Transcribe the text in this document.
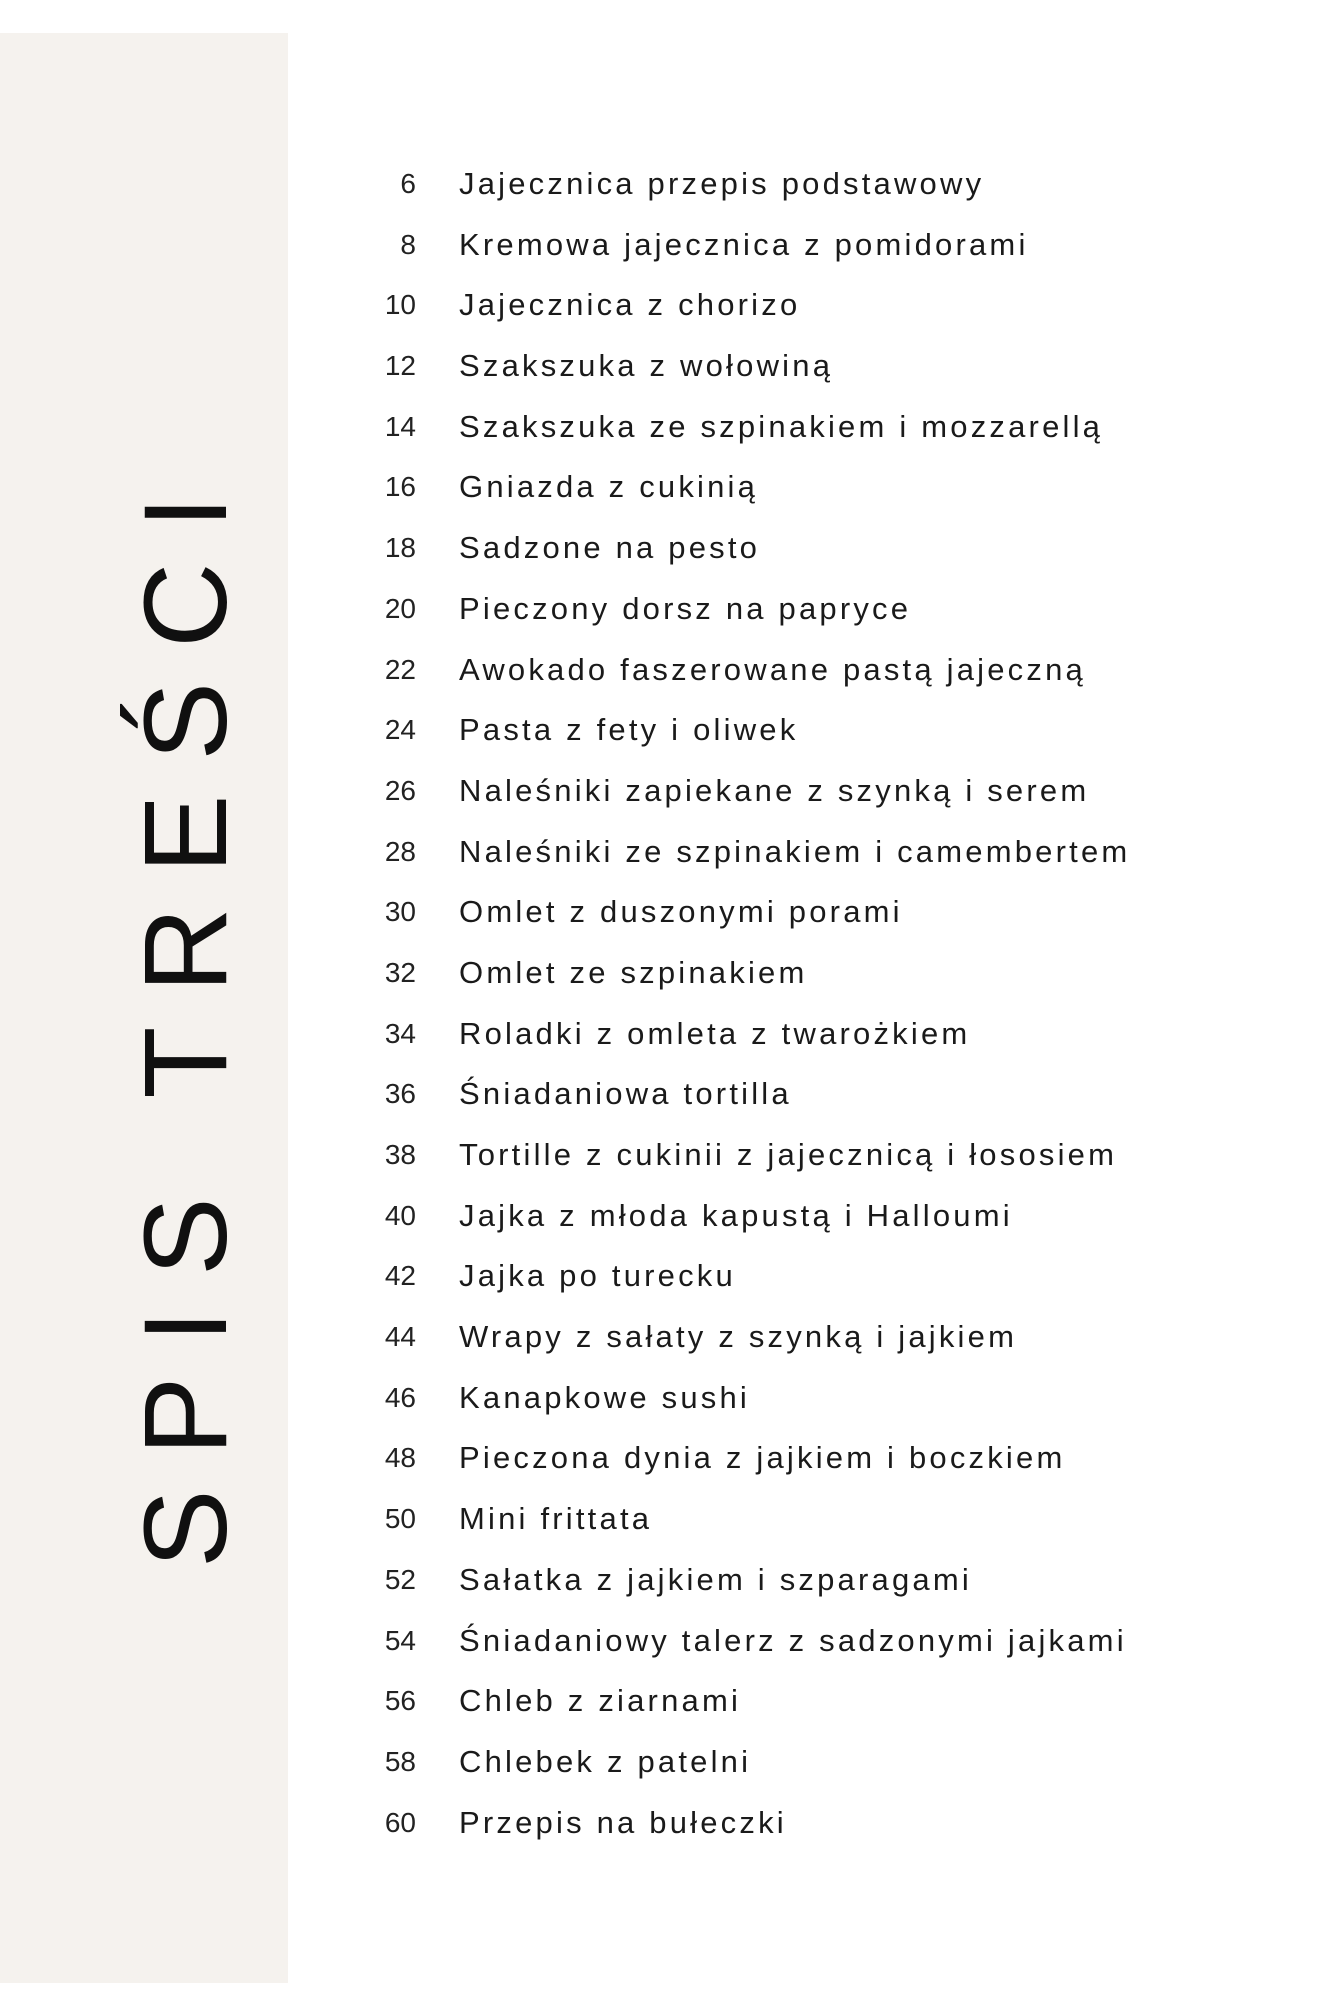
SPIS TREŚCI
6 Jajecznica przepis podstawowy
8 Kremowa jajecznica z pomidorami
10 Jajecznica z chorizo
12 Szakszuka z wołowiną
14 Szakszuka ze szpinakiem i mozzarellą
16 Gniazda z cukinią
18 Sadzone na pesto
20 Pieczony dorsz na papryce
22 Awokado faszerowane pastą jajeczną
24 Pasta z fety i oliwek
26 Naleśniki zapiekane z szynką i serem
28 Naleśniki ze szpinakiem i camembertem
30 Omlet z duszonymi porami
32 Omlet ze szpinakiem
34 Roladki z omleta z twarożkiem
36 Śniadaniowa tortilla
38 Tortille z cukinii z jajecznicą i łososiem
40 Jajka z młoda kapustą i Halloumi
42 Jajka po turecku
44 Wrapy z sałaty z szynką i jajkiem
46 Kanapkowe sushi
48 Pieczona dynia z jajkiem i boczkiem
50 Mini frittata
52 Sałatka z jajkiem i szparagami
54 Śniadaniowy talerz z sadzonymi jajkami
56 Chleb z ziarnami
58 Chlebek z patelni
60 Przepis na bułeczki
